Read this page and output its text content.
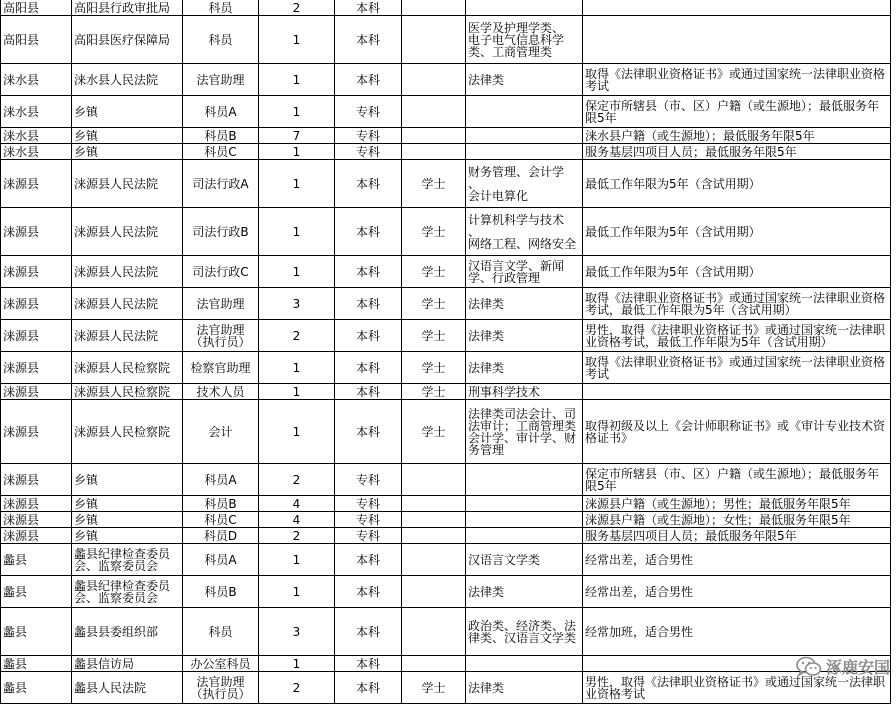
高阳县	高阳县行政审批局	科员	2	本科			
高阳县	高阳县医疗保障局	科员	1	本科		医学及护理学类、
电子电气信息科学类、工商管理类	
涞水县	涞水县人民法院	法官助理	1	本科		法律类	取得《法律职业资格证书》或通过国家统一法律职业资格考试
涞水县	乡镇	科员A	1	专科			保定市所辖县（市、区）户籍（或生源地）；最低服务年限5年
涞水县	乡镇	科员B	7	专科			涞水县户籍（或生源地）；最低服务年限5年
涞水县	乡镇	科员C	1	专科			服务基层四项目人员；最低服务年限5年
涞源县	涞源县人民法院	司法行政A	1	本科	学士	财务管理、会计学
、
会计电算化	最低工作年限为5年（含试用期）
涞源县	涞源县人民法院	司法行政B	1	本科	学士	计算机科学与技术
、
网络工程、网络安全	最低工作年限为5年（含试用期）
涞源县	涞源县人民法院	司法行政C	1	本科	学士	汉语言文学、新闻学、行政管理	最低工作年限为5年（含试用期）
涞源县	涞源县人民法院	法官助理	3	本科	学士	法律类	取得《法律职业资格证书》或通过国家统一法律职业资格考试，最低工作年限为5年（含试用期）
涞源县	涞源县人民法院	法官助理
（执行员）	2	本科	学士	法律类	男性，取得《法律职业资格证书》或通过国家统一法律职业资格考试，最低工作年限为5年（含试用期）
涞源县	涞源县人民检察院	检察官助理	1	本科	学士	法律类	取得《法律职业资格证书》或通过国家统一法律职业资格考试
涞源县	涞源县人民检察院	技术人员	1	本科	学士	刑事科学技术	
涞源县	涞源县人民检察院	会计	1	本科	学士	法律类司法会计、司法审计；工商管理类会计学、审计学、财务管理	取得初级及以上《会计师职称证书》或《审计专业技术资格证书》
涞源县	乡镇	科员A	2	专科			保定市所辖县（市、区）户籍（或生源地）；最低服务年限5年
涞源县	乡镇	科员B	4	专科			涞源县户籍（或生源地）；男性；最低服务年限5年
涞源县	乡镇	科员C	4	专科			涞源县户籍（或生源地）；女性；最低服务年限5年
涞源县	乡镇	科员D	2	专科			服务基层四项目人员；最低服务年限5年
蠡县	蠡县纪律检查委员会、监察委员会	科员A	1	本科		汉语言文学类	经常出差，适合男性
蠡县	蠡县纪律检查委员会、监察委员会	科员B	1	本科		法律类	经常出差，适合男性
蠡县	蠡县县委组织部	科员	3	本科		政治类、经济类、法律类、汉语言文学类	经常加班，适合男性
蠡县	蠡县信访局	办公室科员	1	本科			
蠡县	蠡县人民法院	法官助理
（执行员）	2	本科	学士	法律类	男性，取得《法律职业资格证书》或通过国家统一法律职业资格考试
涿鹿安国
